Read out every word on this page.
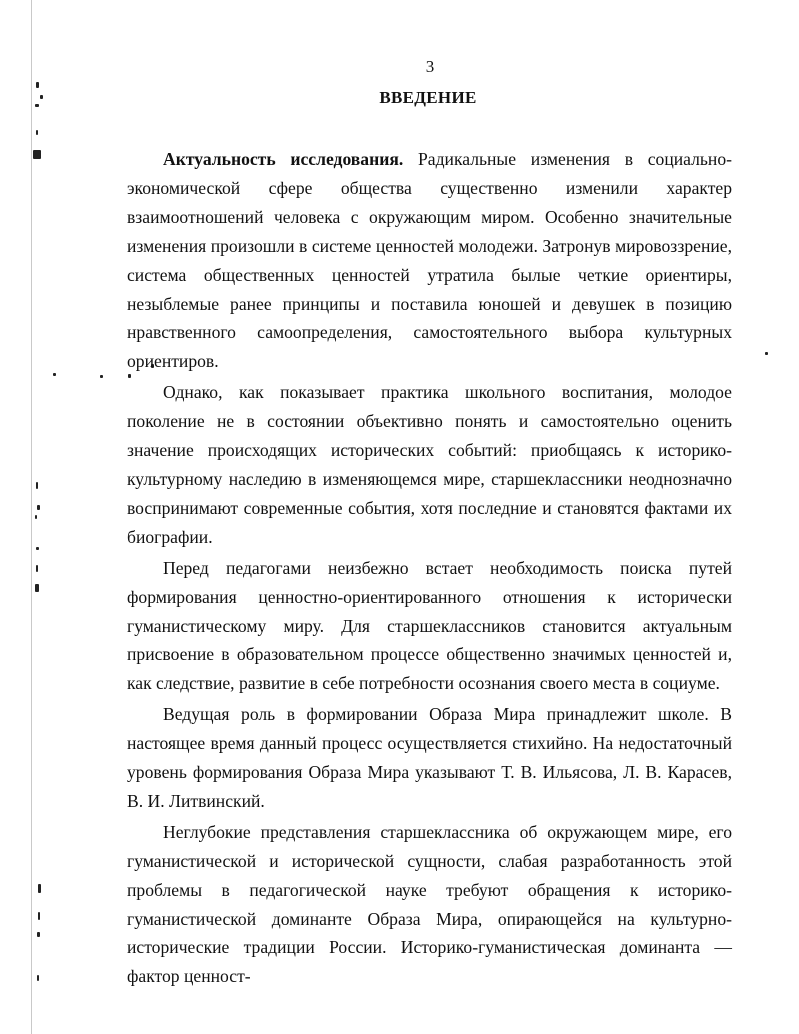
3
ВВЕДЕНИЕ

Актуальность исследования. Радикальные изменения в социально-экономической сфере общества существенно изменили характер взаимоотношений человека с окружающим миром. Особенно значительные изменения произошли в системе ценностей молодежи. Затронув мировоззрение, система общественных ценностей утратила былые четкие ориентиры, незыблемые ранее принципы и поставила юношей и девушек в позицию нравственного самоопределения, самостоятельного выбора культурных ориентиров.

Однако, как показывает практика школьного воспитания, молодое поколение не в состоянии объективно понять и самостоятельно оценить значение происходящих исторических событий: приобщаясь к историко-культурному наследию в изменяющемся мире, старшеклассники неоднозначно воспринимают современные события, хотя последние и становятся фактами их биографии.

Перед педагогами неизбежно встает необходимость поиска путей формирования ценностно-ориентированного отношения к исторически гуманистическому миру. Для старшеклассников становится актуальным присвоение в образовательном процессе общественно значимых ценностей и, как следствие, развитие в себе потребности осознания своего места в социуме.

Ведущая роль в формировании Образа Мира принадлежит школе. В настоящее время данный процесс осуществляется стихийно. На недостаточный уровень формирования Образа Мира указывают Т. В. Ильясова, Л. В. Карасев, В. И. Литвинский.

Неглубокие представления старшеклассника об окружающем мире, его гуманистической и исторической сущности, слабая разработанность этой проблемы в педагогической науке требуют обращения к историко-гуманистической доминанте Образа Мира, опирающейся на культурно-исторические традиции России. Историко-гуманистическая доминанта — фактор ценност-
